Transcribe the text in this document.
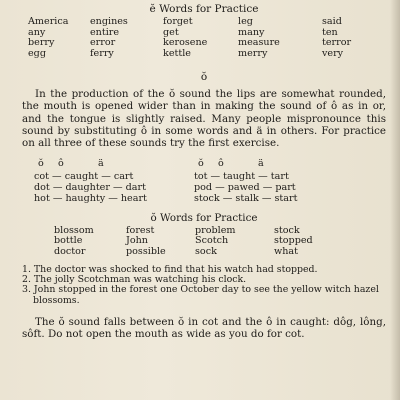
ĕ Words for Practice

America	engines	forget	leg	said
any	entire	get	many	ten
berry	error	kerosene	measure	terror
egg	ferry	kettle	merry	very

ŏ

In the production of the ŏ sound the lips are somewhat rounded, the mouth is opened wider than in making the sound of ô as in or, and the tongue is slightly raised. Many people mispronounce this sound by substituting ô in some words and ä in others. For practice on all three of these sounds try the first exercise.

ŏ	ô	ä
cot — caught — cart
dot — daughter — dart
hot — haughty — heart
ŏ	ô	ä
tot — taught — tart
pod — pawed — part
stock — stalk — start

ŏ Words for Practice

blossom	forest	problem	stock
bottle	John	Scotch	stopped
doctor	possible	sock	what
1. The doctor was shocked to find that his watch had stopped.
2. The jolly Scotchman was watching his clock.
3. John stopped in the forest one October day to see the yellow witch hazel blossoms.

The ŏ sound falls between ŏ in cot and the ô in caught: dôg, lông, sôft. Do not open the mouth as wide as you do for cot.
